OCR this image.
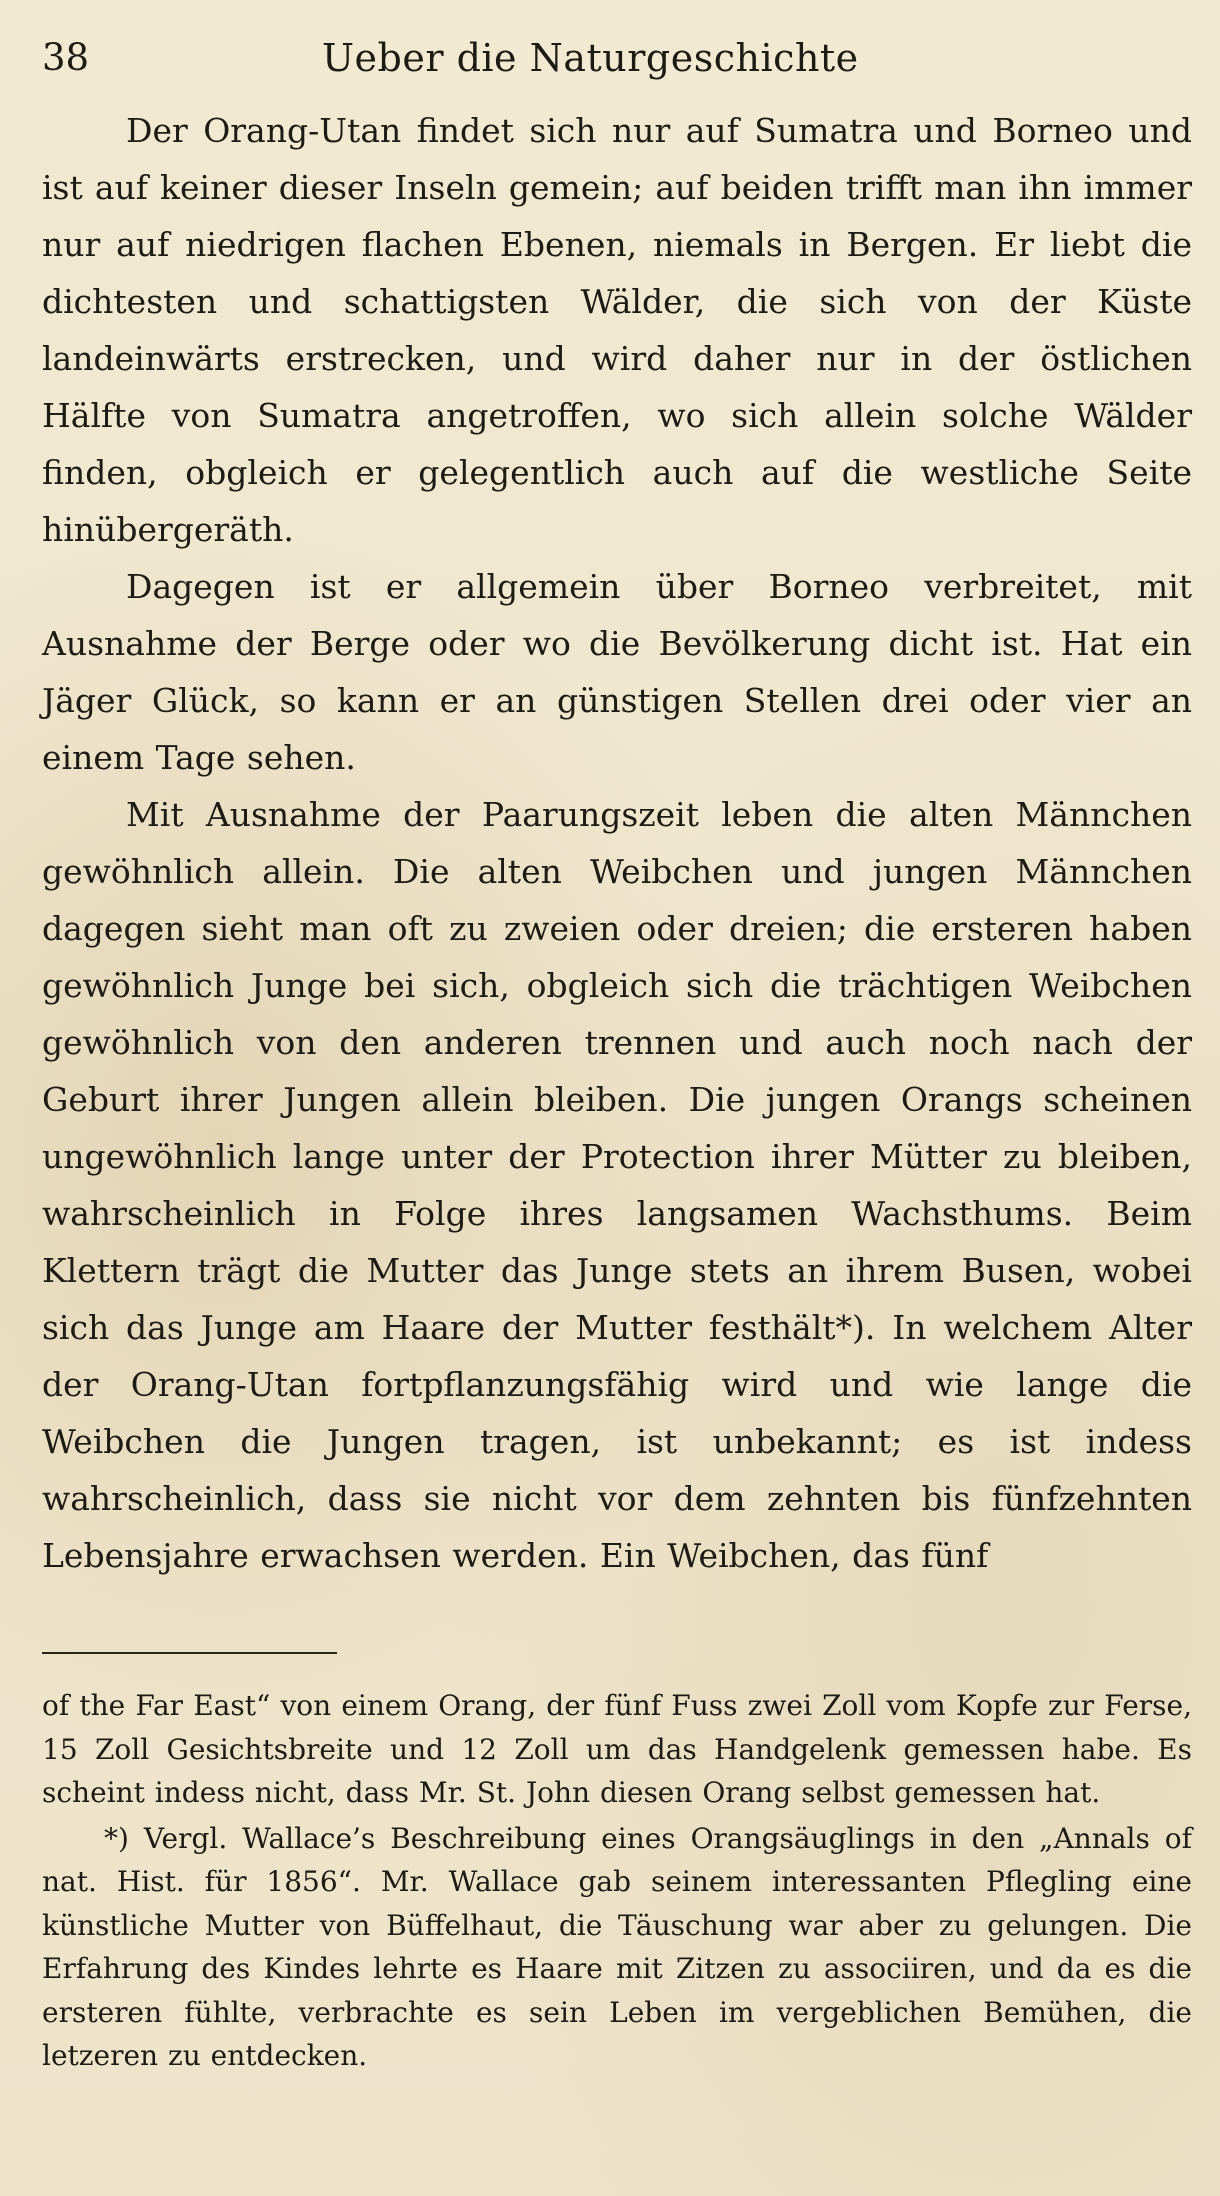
38	Ueber die Naturgeschichte

Der Orang-Utan findet sich nur auf Sumatra und Borneo und ist auf keiner dieser Inseln gemein; auf beiden trifft man ihn immer nur auf niedrigen flachen Ebenen, niemals in Bergen. Er liebt die dichtesten und schattigsten Wälder, die sich von der Küste landeinwärts erstrecken, und wird daher nur in der östlichen Hälfte von Sumatra angetroffen, wo sich allein solche Wälder finden, obgleich er gelegentlich auch auf die westliche Seite hinübergeräth.

Dagegen ist er allgemein über Borneo verbreitet, mit Ausnahme der Berge oder wo die Bevölkerung dicht ist. Hat ein Jäger Glück, so kann er an günstigen Stellen drei oder vier an einem Tage sehen.

Mit Ausnahme der Paarungszeit leben die alten Männchen gewöhnlich allein. Die alten Weibchen und jungen Männchen dagegen sieht man oft zu zweien oder dreien; die ersteren haben gewöhnlich Junge bei sich, obgleich sich die trächtigen Weibchen gewöhnlich von den anderen trennen und auch noch nach der Geburt ihrer Jungen allein bleiben. Die jungen Orangs scheinen ungewöhnlich lange unter der Protection ihrer Mütter zu bleiben, wahrscheinlich in Folge ihres langsamen Wachsthums. Beim Klettern trägt die Mutter das Junge stets an ihrem Busen, wobei sich das Junge am Haare der Mutter festhält*). In welchem Alter der Orang-Utan fortpflanzungsfähig wird und wie lange die Weibchen die Jungen tragen, ist unbekannt; es ist indess wahrscheinlich, dass sie nicht vor dem zehnten bis fünfzehnten Lebensjahre erwachsen werden. Ein Weibchen, das fünf

of the Far East“ von einem Orang, der fünf Fuss zwei Zoll vom Kopfe zur Ferse, 15 Zoll Gesichtsbreite und 12 Zoll um das Handgelenk gemessen habe. Es scheint indess nicht, dass Mr. St. John diesen Orang selbst gemessen hat.

*) Vergl. Wallace’s Beschreibung eines Orangsäuglings in den „Annals of nat. Hist. für 1856“. Mr. Wallace gab seinem interessanten Pflegling eine künstliche Mutter von Büffelhaut, die Täuschung war aber zu gelungen. Die Erfahrung des Kindes lehrte es Haare mit Zitzen zu associiren, und da es die ersteren fühlte, verbrachte es sein Leben im vergeblichen Bemühen, die letzeren zu entdecken.
